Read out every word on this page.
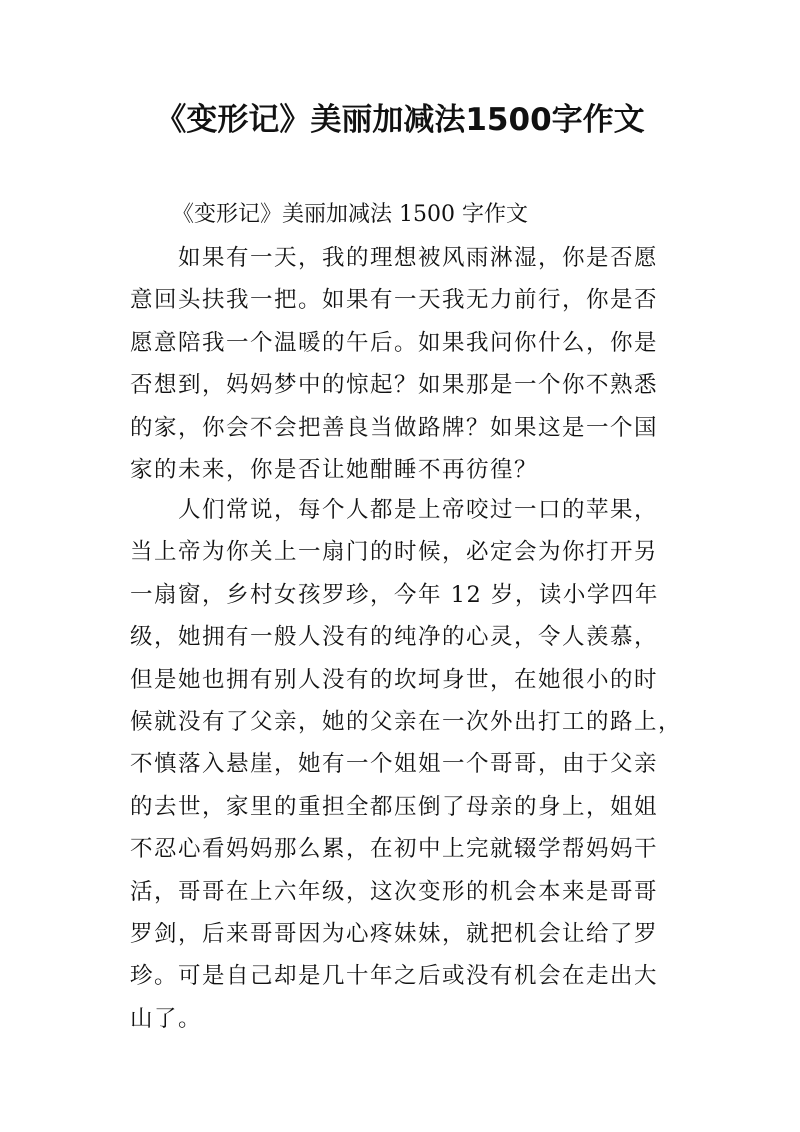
《变形记》美丽加减法1500字作文
《变形记》美丽加减法 1500 字作文
　　如果有一天，我的理想被风雨淋湿，你是否愿
意回头扶我一把。如果有一天我无力前行，你是否
愿意陪我一个温暖的午后。如果我问你什么，你是
否想到，妈妈梦中的惊起？如果那是一个你不熟悉
的家，你会不会把善良当做路牌？如果这是一个国
家的未来，你是否让她酣睡不再彷徨？
　　人们常说，每个人都是上帝咬过一口的苹果，
当上帝为你关上一扇门的时候，必定会为你打开另
一扇窗，乡村女孩罗珍，今年 12 岁，读小学四年
级，她拥有一般人没有的纯净的心灵，令人羡慕，
但是她也拥有别人没有的坎坷身世，在她很小的时
候就没有了父亲，她的父亲在一次外出打工的路上，
不慎落入悬崖，她有一个姐姐一个哥哥，由于父亲
的去世，家里的重担全都压倒了母亲的身上，姐姐
不忍心看妈妈那么累，在初中上完就辍学帮妈妈干
活，哥哥在上六年级，这次变形的机会本来是哥哥
罗剑，后来哥哥因为心疼妹妹，就把机会让给了罗
珍。可是自己却是几十年之后或没有机会在走出大
山了。
